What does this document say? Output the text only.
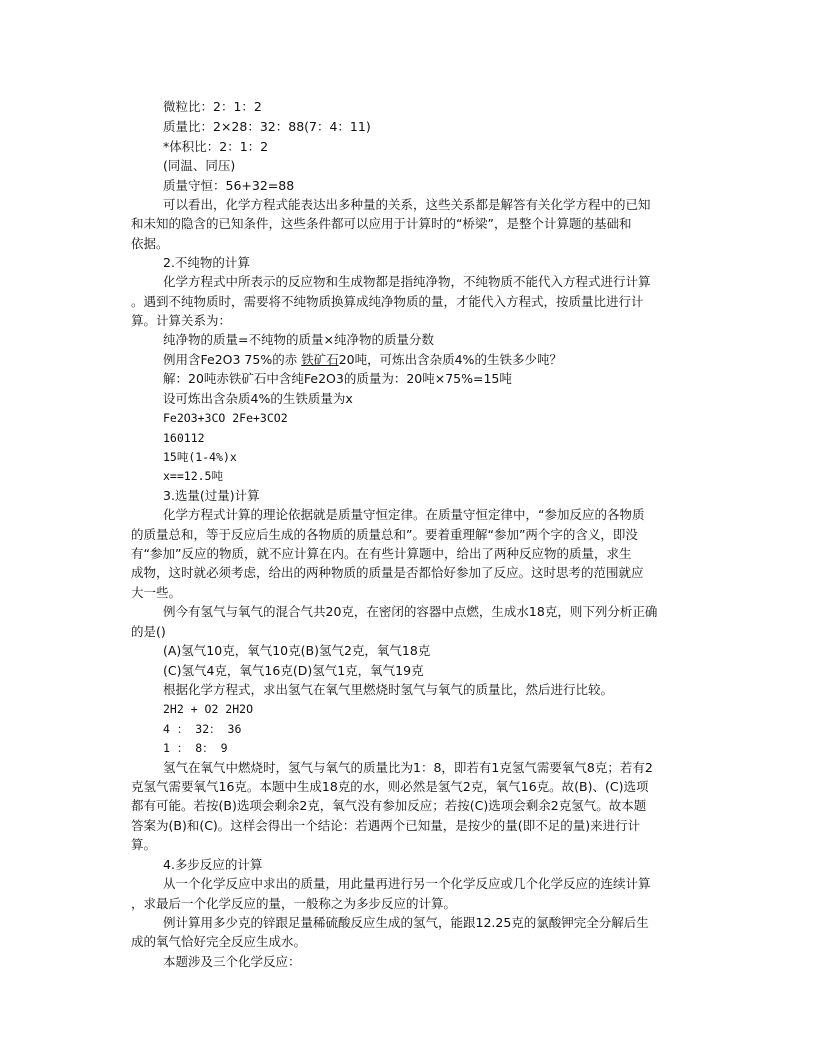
微粒比：2：1：2
质量比：2×28：32：88(7：4：11)
*体积比：2：1：2
(同温、同压)
质量守恒：56+32=88
可以看出，化学方程式能表达出多种量的关系，这些关系都是解答有关化学方程中的已知
和未知的隐含的已知条件，这些条件都可以应用于计算时的“桥梁”，是整个计算题的基础和
依据。
2.不纯物的计算
化学方程式中所表示的反应物和生成物都是指纯净物，不纯物质不能代入方程式进行计算
。遇到不纯物质时，需要将不纯物质换算成纯净物质的量，才能代入方程式，按质量比进行计
算。计算关系为：
纯净物的质量=不纯物的质量×纯净物的质量分数
例用含Fe2O3 75%的赤 铁矿石20吨，可炼出含杂质4%的生铁多少吨？
解：20吨赤铁矿石中含纯Fe2O3的质量为：20吨×75%=15吨
设可炼出含杂质4%的生铁质量为x
Fe2O3+3CO 2Fe+3CO2
160112
15吨(1-4%)x
x==12.5吨
3.选量(过量)计算
化学方程式计算的理论依据就是质量守恒定律。在质量守恒定律中，“参加反应的各物质
的质量总和，等于反应后生成的各物质的质量总和”。要着重理解“参加”两个字的含义，即没
有“参加”反应的物质，就不应计算在内。在有些计算题中，给出了两种反应物的质量，求生
成物，这时就必须考虑，给出的两种物质的质量是否都恰好参加了反应。这时思考的范围就应
大一些。
例今有氢气与氧气的混合气共20克，在密闭的容器中点燃，生成水18克，则下列分析正确
的是()
(A)氢气10克，氧气10克(B)氢气2克，氧气18克
(C)氢气4克，氧气16克(D)氢气1克，氧气19克
根据化学方程式，求出氢气在氧气里燃烧时氢气与氧气的质量比，然后进行比较。
2H2 + O2 2H2O
4 ： 32： 36
1 ： 8： 9
氢气在氧气中燃烧时，氢气与氧气的质量比为1：8，即若有1克氢气需要氧气8克；若有2
克氢气需要氧气16克。本题中生成18克的水，则必然是氢气2克，氧气16克。故(B)、(C)选项
都有可能。若按(B)选项会剩余2克，氧气没有参加反应；若按(C)选项会剩余2克氢气。故本题
答案为(B)和(C)。这样会得出一个结论：若遇两个已知量，是按少的量(即不足的量)来进行计
算。
4.多步反应的计算
从一个化学反应中求出的质量，用此量再进行另一个化学反应或几个化学反应的连续计算
，求最后一个化学反应的量，一般称之为多步反应的计算。
例计算用多少克的锌跟足量稀硫酸反应生成的氢气，能跟12.25克的氯酸钾完全分解后生
成的氧气恰好完全反应生成水。
本题涉及三个化学反应：
